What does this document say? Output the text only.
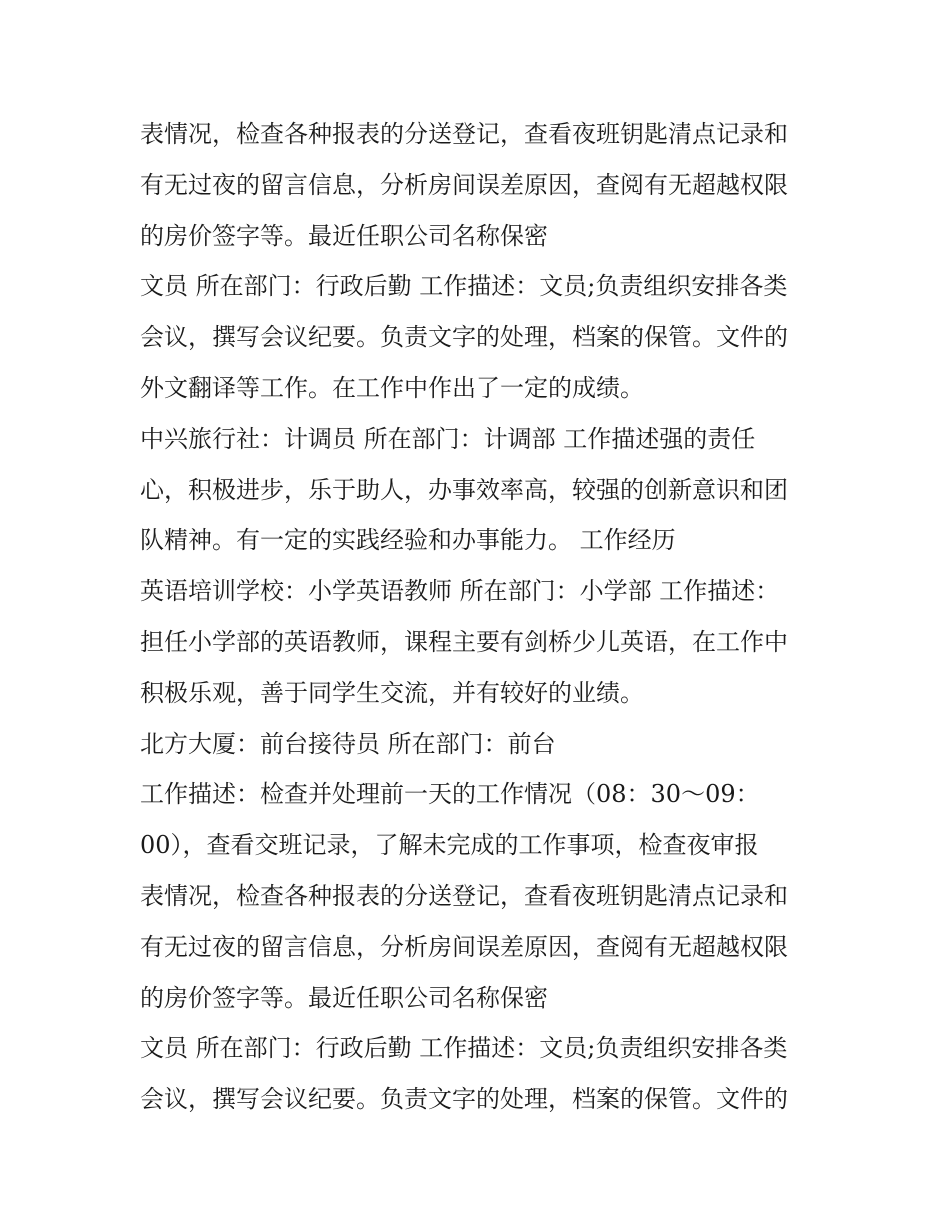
表情况，检查各种报表的分送登记，查看夜班钥匙清点记录和

有无过夜的留言信息，分析房间误差原因，查阅有无超越权限

的房价签字等。最近任职公司名称保密

文员 所在部门：行政后勤 工作描述：文员;负责组织安排各类

会议，撰写会议纪要。负责文字的处理，档案的保管。文件的

外文翻译等工作。在工作中作出了一定的成绩。

中兴旅行社：计调员 所在部门：计调部 工作描述强的责任

心，积极进步，乐于助人，办事效率高，较强的创新意识和团

队精神。有一定的实践经验和办事能力。 工作经历

英语培训学校：小学英语教师 所在部门：小学部 工作描述：

担任小学部的英语教师，课程主要有剑桥少儿英语，在工作中

积极乐观，善于同学生交流，并有较好的业绩。

北方大厦：前台接待员 所在部门：前台

工作描述：检查并处理前一天的工作情况（08：30～09：

00），查看交班记录，了解未完成的工作事项，检查夜审报

表情况，检查各种报表的分送登记，查看夜班钥匙清点记录和

有无过夜的留言信息，分析房间误差原因，查阅有无超越权限

的房价签字等。最近任职公司名称保密

文员 所在部门：行政后勤 工作描述：文员;负责组织安排各类

会议，撰写会议纪要。负责文字的处理，档案的保管。文件的
